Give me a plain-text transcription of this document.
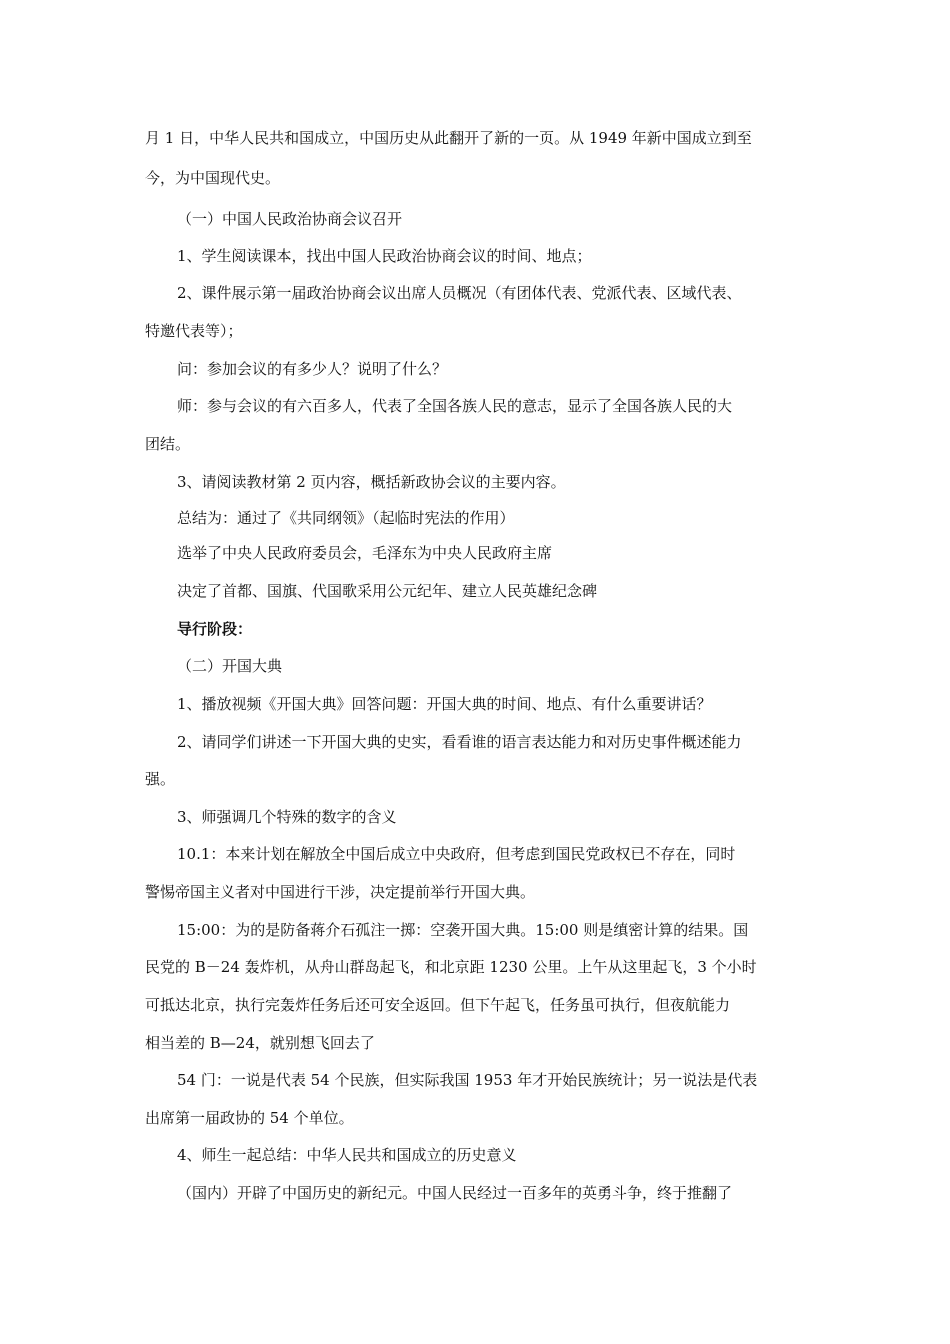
月 1 日，中华人民共和国成立，中国历史从此翻开了新的一页。从 1949 年新中国成立到至
今，为中国现代史。
（一）中国人民政治协商会议召开
1、学生阅读课本，找出中国人民政治协商会议的时间、地点；
2、课件展示第一届政治协商会议出席人员概况（有团体代表、党派代表、区域代表、
特邀代表等）；
问：参加会议的有多少人？说明了什么？
师：参与会议的有六百多人，代表了全国各族人民的意志，显示了全国各族人民的大
团结。
3、请阅读教材第 2 页内容，概括新政协会议的主要内容。
总结为：通过了《共同纲领》（起临时宪法的作用）
选举了中央人民政府委员会，毛泽东为中央人民政府主席
决定了首都、国旗、代国歌采用公元纪年、建立人民英雄纪念碑
导行阶段：
（二）开国大典
1、播放视频《开国大典》回答问题：开国大典的时间、地点、有什么重要讲话？
2、请同学们讲述一下开国大典的史实，看看谁的语言表达能力和对历史事件概述能力
强。
3、师强调几个特殊的数字的含义
10.1：本来计划在解放全中国后成立中央政府，但考虑到国民党政权已不存在，同时
警惕帝国主义者对中国进行干涉，决定提前举行开国大典。
15:00：为的是防备蒋介石孤注一掷：空袭开国大典。15:00 则是缜密计算的结果。国
民党的 B－24 轰炸机，从舟山群岛起飞，和北京距 1230 公里。上午从这里起飞，3 个小时
可抵达北京，执行完轰炸任务后还可安全返回。但下午起飞，任务虽可执行，但夜航能力
相当差的 B—24，就别想飞回去了
54 门：一说是代表 54 个民族，但实际我国 1953 年才开始民族统计；另一说法是代表
出席第一届政协的 54 个单位。
4、师生一起总结：中华人民共和国成立的历史意义
（国内）开辟了中国历史的新纪元。中国人民经过一百多年的英勇斗争，终于推翻了
